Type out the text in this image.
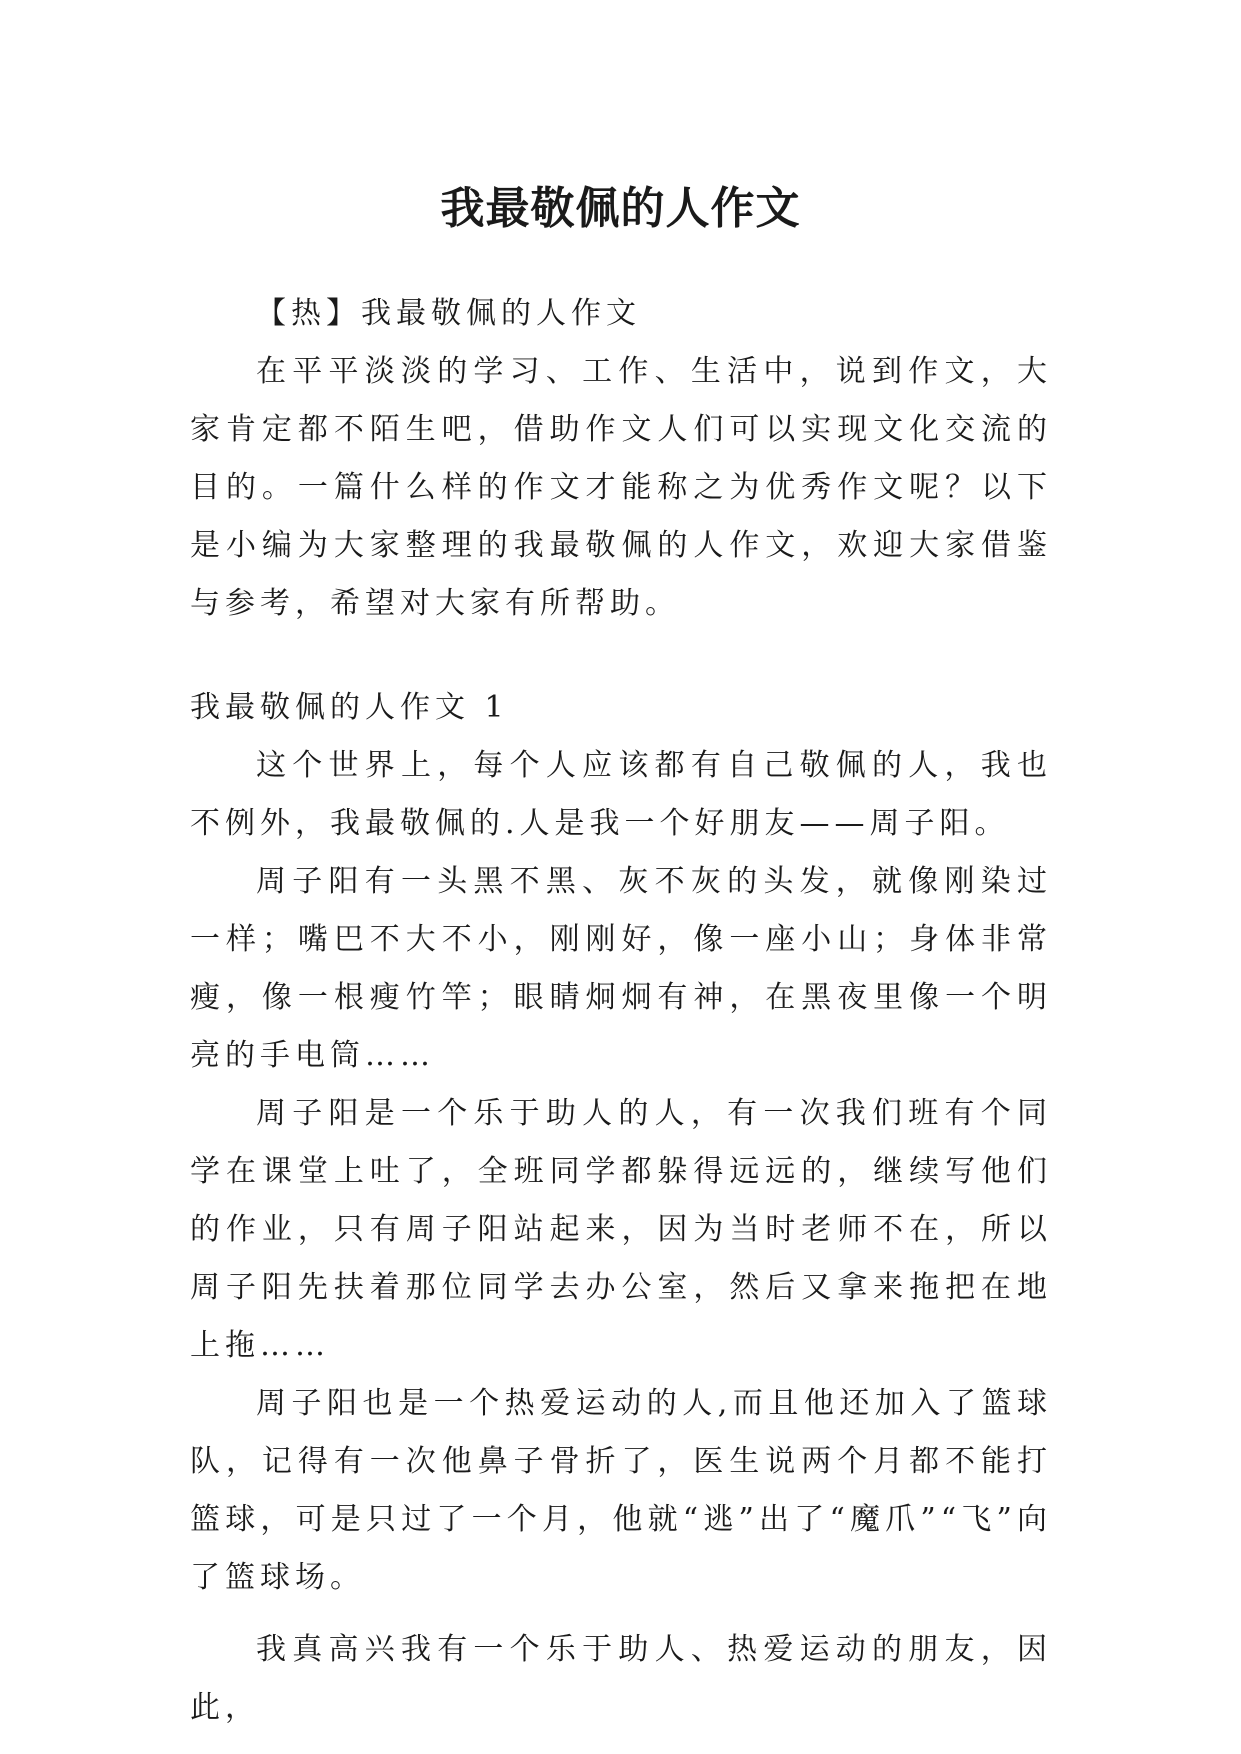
我最敬佩的人作文

【热】我最敬佩的人作文

在平平淡淡的学习、工作、生活中，说到作文，大家肯定都不陌生吧，借助作文人们可以实现文化交流的目的。一篇什么样的作文才能称之为优秀作文呢？以下是小编为大家整理的我最敬佩的人作文，欢迎大家借鉴与参考，希望对大家有所帮助。

我最敬佩的人作文 1

这个世界上，每个人应该都有自己敬佩的人，我也不例外，我最敬佩的.人是我一个好朋友——周子阳。

周子阳有一头黑不黑、灰不灰的头发，就像刚染过一样；嘴巴不大不小，刚刚好，像一座小山；身体非常瘦，像一根瘦竹竿；眼睛炯炯有神，在黑夜里像一个明亮的手电筒……

周子阳是一个乐于助人的人，有一次我们班有个同学在课堂上吐了，全班同学都躲得远远的，继续写他们的作业，只有周子阳站起来，因为当时老师不在，所以周子阳先扶着那位同学去办公室，然后又拿来拖把在地上拖……

周子阳也是一个热爱运动的人,而且他还加入了篮球队，记得有一次他鼻子骨折了，医生说两个月都不能打篮球，可是只过了一个月，他就“逃”出了“魔爪”“飞”向了篮球场。

我真高兴我有一个乐于助人、热爱运动的朋友，因此，
